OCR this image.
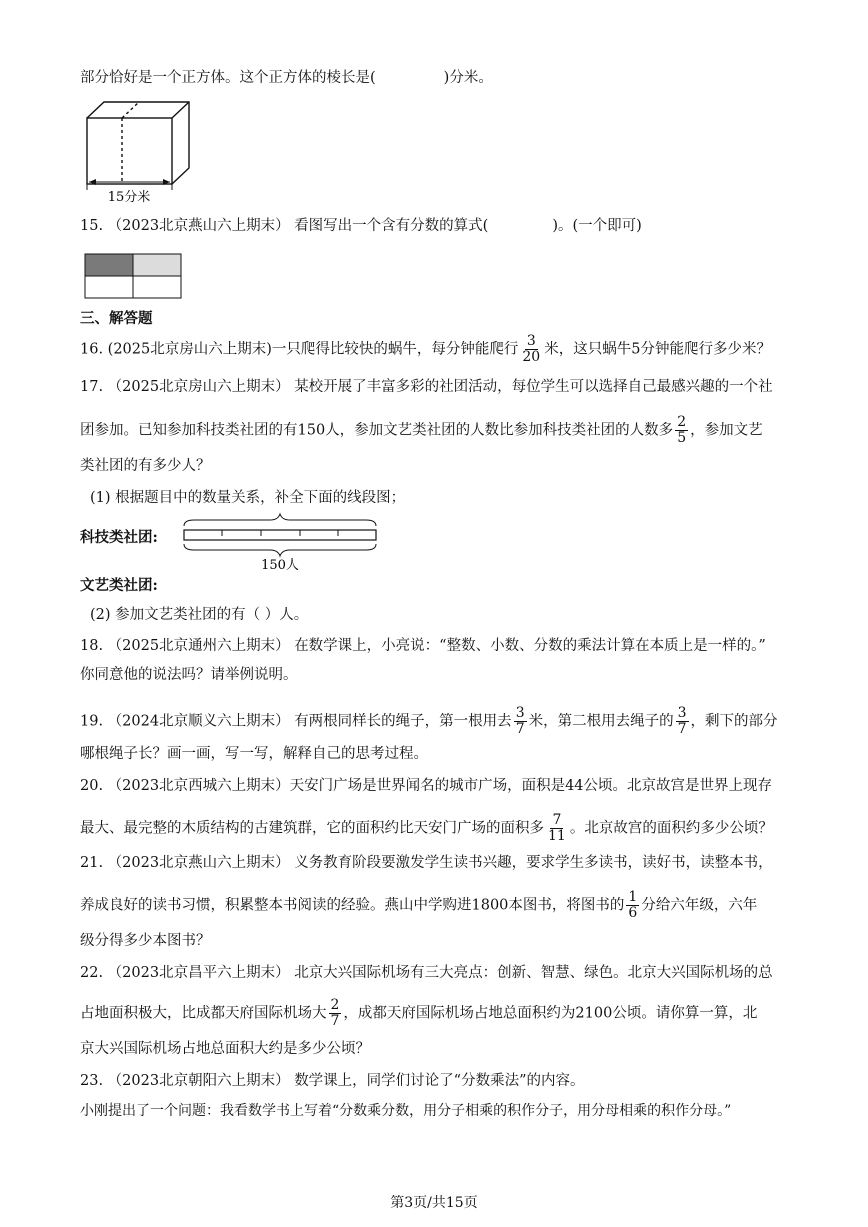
部分恰好是一个正方体。这个正方体的棱长是(	)分米。
15分米
15. （2023北京燕山六上期末） 看图写出一个含有分数的算式(	)。(一个即可)
三、解答题
16. (2025北京房山六上期末)一只爬得比较快的蜗牛，每分钟能爬行 $\frac{3}{20}$ 米，这只蜗牛5分钟能爬行多少米？
17. （2025北京房山六上期末） 某校开展了丰富多彩的社团活动，每位学生可以选择自己最感兴趣的一个社
团参加。已知参加科技类社团的有150人，参加文艺类社团的人数比参加科技类社团的人数多 $\frac{2}{5}$ ，参加文艺
类社团的有多少人？
(1) 根据题目中的数量关系，补全下面的线段图；
科技类社团:
150人
文艺类社团:
(2) 参加文艺类社团的有（ ）人。
18. （2025北京通州六上期末） 在数学课上，小亮说：“整数、小数、分数的乘法计算在本质上是一样的。”
你同意他的说法吗？请举例说明。
19. （2024北京顺义六上期末） 有两根同样长的绳子，第一根用去 $\frac{3}{7}$ 米，第二根用去绳子的 $\frac{3}{7}$ ，剩下的部分
哪根绳子长？画一画，写一写，解释自己的思考过程。
20. （2023北京西城六上期末）天安门广场是世界闻名的城市广场，面积是44公顷。北京故宫是世界上现存
最大、最完整的木质结构的古建筑群，它的面积约比天安门广场的面积多 $\frac{7}{11}$ 。北京故宫的面积约多少公顷？
21. （2023北京燕山六上期末） 义务教育阶段要激发学生读书兴趣，要求学生多读书，读好书，读整本书，
养成良好的读书习惯，积累整本书阅读的经验。燕山中学购进1800本图书，将图书的 $\frac{1}{6}$ 分给六年级，六年
级分得多少本图书？
22. （2023北京昌平六上期末） 北京大兴国际机场有三大亮点：创新、智慧、绿色。北京大兴国际机场的总
占地面积极大，比成都天府国际机场大 $\frac{2}{7}$ ，成都天府国际机场占地总面积约为2100公顷。请你算一算，北
京大兴国际机场占地总面积大约是多少公顷？
23. （2023北京朝阳六上期末） 数学课上，同学们讨论了“分数乘法”的内容。
小刚提出了一个问题：我看数学书上写着“分数乘分数，用分子相乘的积作分子，用分母相乘的积作分母。”
第3页/共15页
